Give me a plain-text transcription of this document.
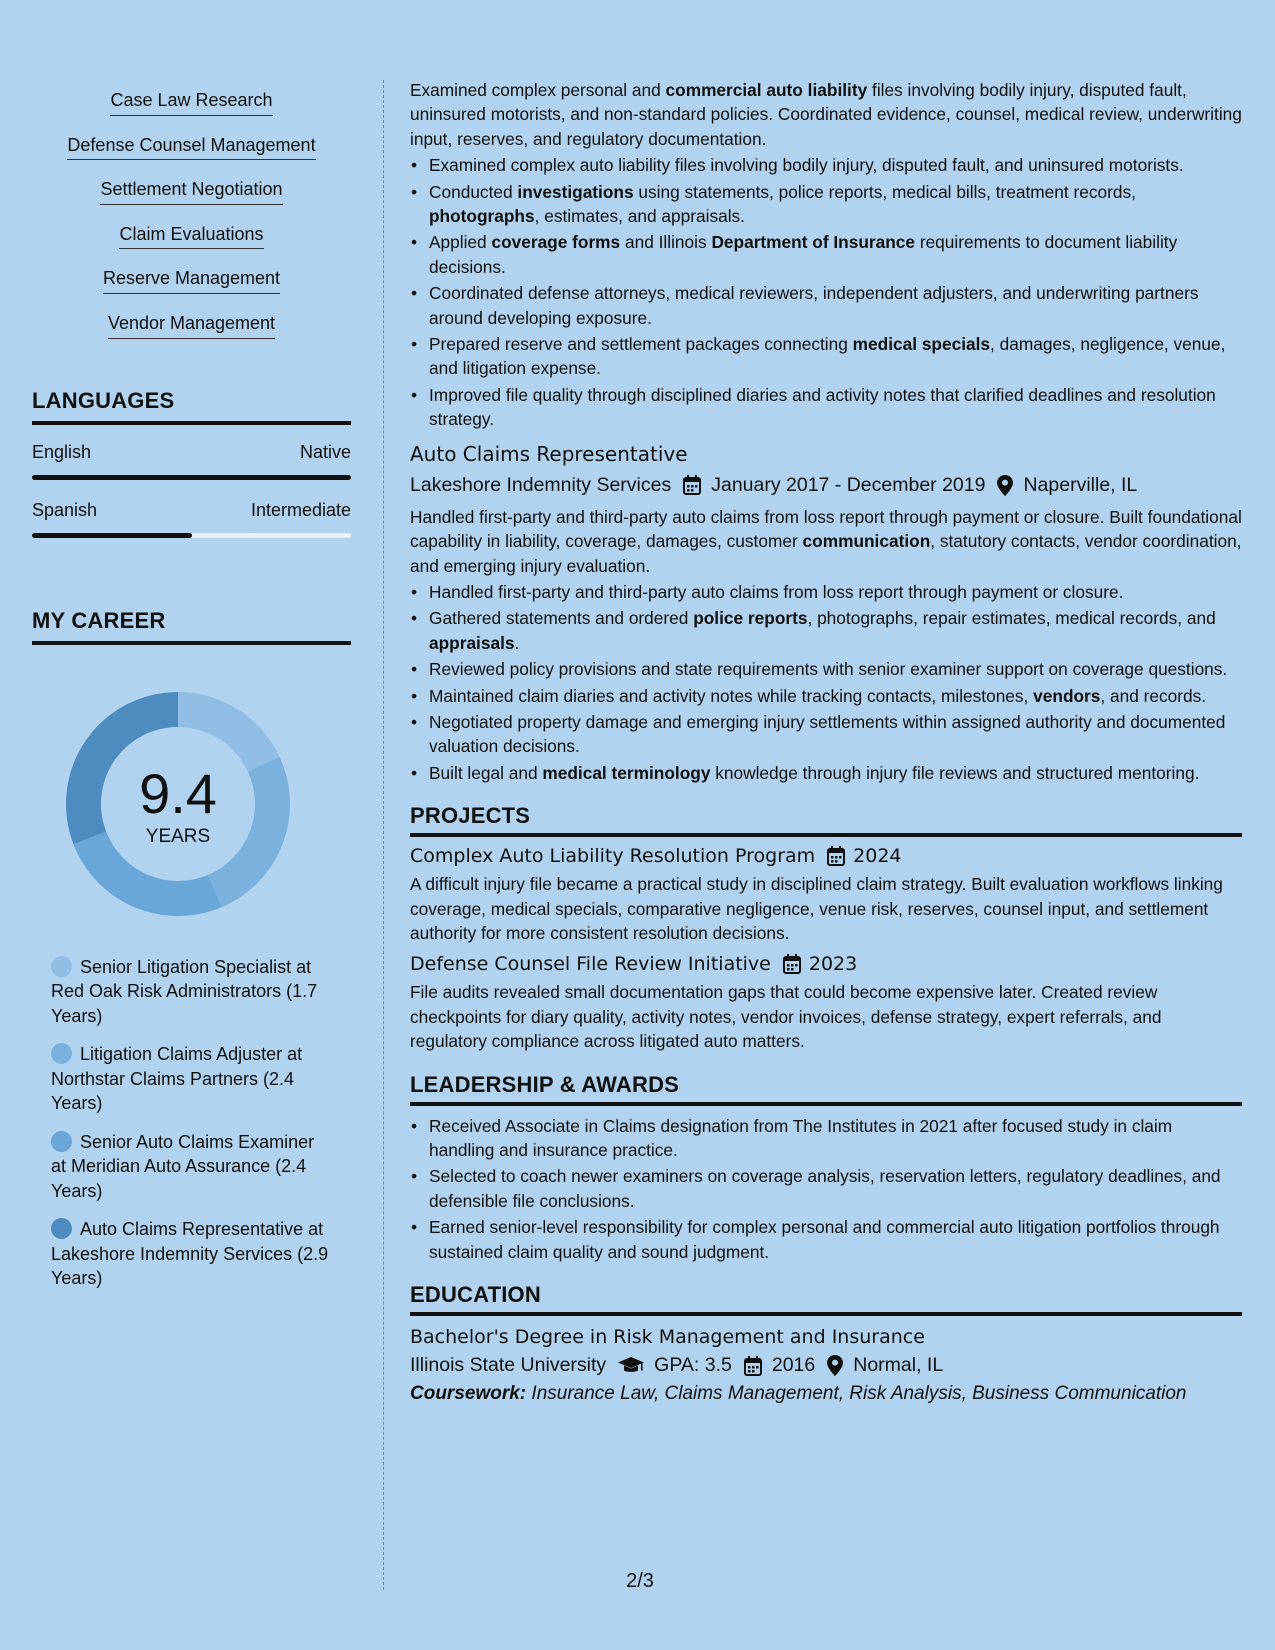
Case Law Research
Defense Counsel Management
Settlement Negotiation
Claim Evaluations
Reserve Management
Vendor Management
LANGUAGES
English	Native
Spanish	Intermediate
MY CAREER
9.4
YEARS
Senior Litigation Specialist at Red Oak Risk Administrators (1.7 Years)
Litigation Claims Adjuster at Northstar Claims Partners (2.4 Years)
Senior Auto Claims Examiner at Meridian Auto Assurance (2.4 Years)
Auto Claims Representative at Lakeshore Indemnity Services (2.9 Years)

Examined complex personal and commercial auto liability files involving bodily injury, disputed fault, uninsured motorists, and non-standard policies. Coordinated evidence, counsel, medical review, underwriting input, reserves, and regulatory documentation.

• Examined complex auto liability files involving bodily injury, disputed fault, and uninsured motorists.
• Conducted investigations using statements, police reports, medical bills, treatment records, photographs, estimates, and appraisals.
• Applied coverage forms and Illinois Department of Insurance requirements to document liability decisions.
• Coordinated defense attorneys, medical reviewers, independent adjusters, and underwriting partners around developing exposure.
• Prepared reserve and settlement packages connecting medical specials, damages, negligence, venue, and litigation expense.
• Improved file quality through disciplined diaries and activity notes that clarified deadlines and resolution strategy.
Auto Claims Representative
Lakeshore Indemnity Services January 2017 - December 2019 Naperville, IL

Handled first-party and third-party auto claims from loss report through payment or closure. Built foundational capability in liability, coverage, damages, customer communication, statutory contacts, vendor coordination, and emerging injury evaluation.

• Handled first-party and third-party auto claims from loss report through payment or closure.
• Gathered statements and ordered police reports, photographs, repair estimates, medical records, and appraisals.
• Reviewed policy provisions and state requirements with senior examiner support on coverage questions.
• Maintained claim diaries and activity notes while tracking contacts, milestones, vendors, and records.
• Negotiated property damage and emerging injury settlements within assigned authority and documented valuation decisions.
• Built legal and medical terminology knowledge through injury file reviews and structured mentoring.
PROJECTS
Complex Auto Liability Resolution Program 2024

A difficult injury file became a practical study in disciplined claim strategy. Built evaluation workflows linking coverage, medical specials, comparative negligence, venue risk, reserves, counsel input, and settlement authority for more consistent resolution decisions.

Defense Counsel File Review Initiative 2023

File audits revealed small documentation gaps that could become expensive later. Created review checkpoints for diary quality, activity notes, vendor invoices, defense strategy, expert referrals, and regulatory compliance across litigated auto matters.

LEADERSHIP & AWARDS
• Received Associate in Claims designation from The Institutes in 2021 after focused study in claim handling and insurance practice.
• Selected to coach newer examiners on coverage analysis, reservation letters, regulatory deadlines, and defensible file conclusions.
• Earned senior-level responsibility for complex personal and commercial auto litigation portfolios through sustained claim quality and sound judgment.
EDUCATION
Bachelor's Degree in Risk Management and Insurance
Illinois State University GPA: 3.5 2016 Normal, IL
Coursework: Insurance Law, Claims Management, Risk Analysis, Business Communication
2/3
